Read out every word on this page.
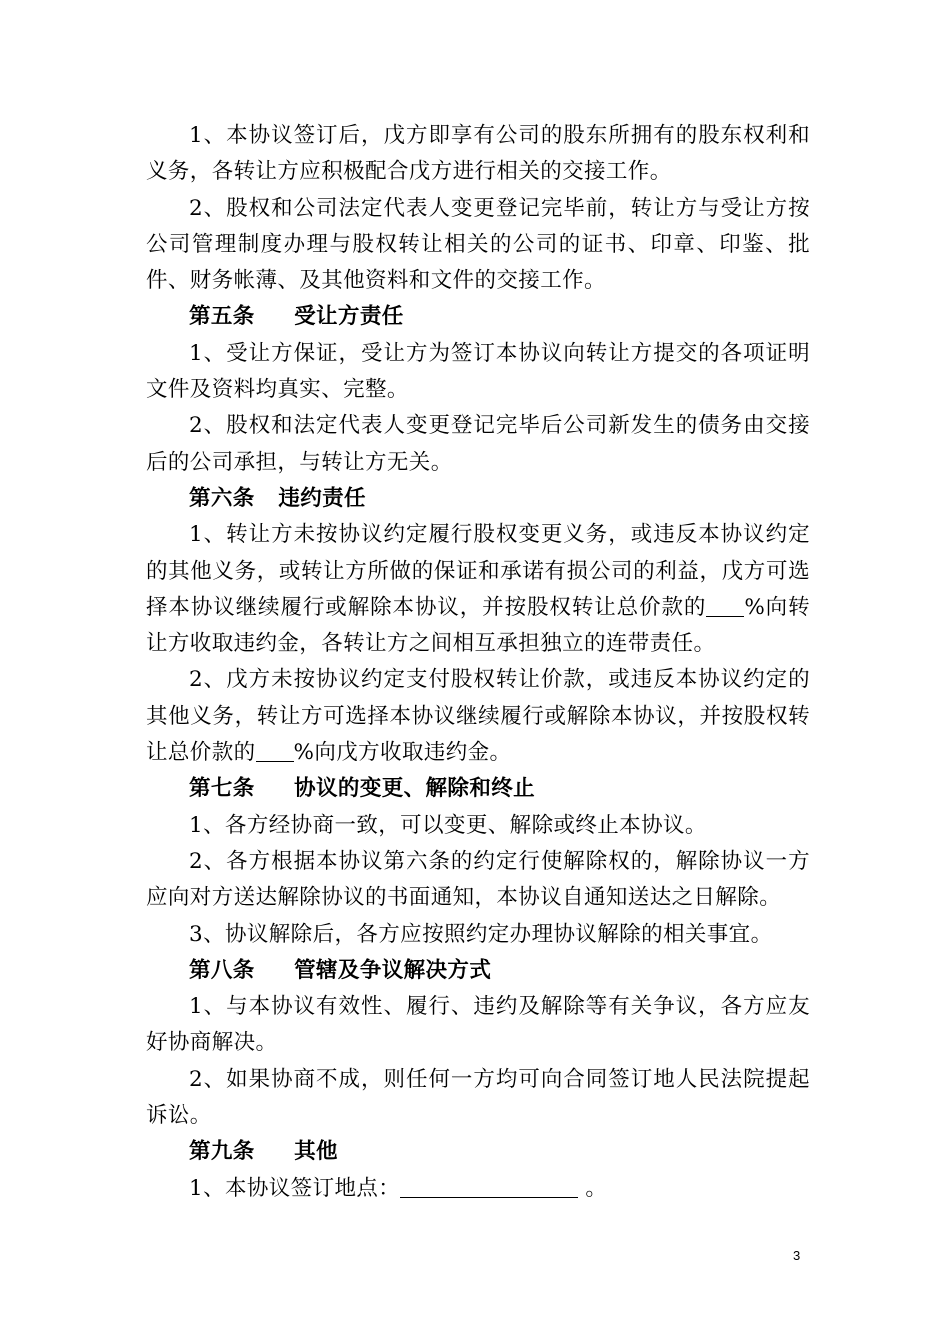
1、本协议签订后，戊方即享有公司的股东所拥有的股东权利和义务，各转让方应积极配合戊方进行相关的交接工作。

2、股权和公司法定代表人变更登记完毕前，转让方与受让方按公司管理制度办理与股权转让相关的公司的证书、印章、印鉴、批件、财务帐薄、及其他资料和文件的交接工作。

第五条     受让方责任

1、受让方保证，受让方为签订本协议向转让方提交的各项证明文件及资料均真实、完整。

2、股权和法定代表人变更登记完毕后公司新发生的债务由交接后的公司承担，与转让方无关。

第六条   违约责任

1、转让方未按协议约定履行股权变更义务，或违反本协议约定的其他义务，或转让方所做的保证和承诺有损公司的利益，戊方可选择本协议继续履行或解除本协议，并按股权转让总价款的 %向转让方收取违约金，各转让方之间相互承担独立的连带责任。

2、戊方未按协议约定支付股权转让价款，或违反本协议约定的其他义务，转让方可选择本协议继续履行或解除本协议，并按股权转让总价款的 %向戊方收取违约金。

第七条     协议的变更、解除和终止

1、各方经协商一致，可以变更、解除或终止本协议。

2、各方根据本协议第六条的约定行使解除权的，解除协议一方应向对方送达解除协议的书面通知，本协议自通知送达之日解除。

3、协议解除后，各方应按照约定办理协议解除的相关事宜。

第八条     管辖及争议解决方式

1、与本协议有效性、履行、违约及解除等有关争议，各方应友好协商解决。

2、如果协商不成，则任何一方均可向合同签订地人民法院提起诉讼。

第九条     其他

1、本协议签订地点：	。

3
